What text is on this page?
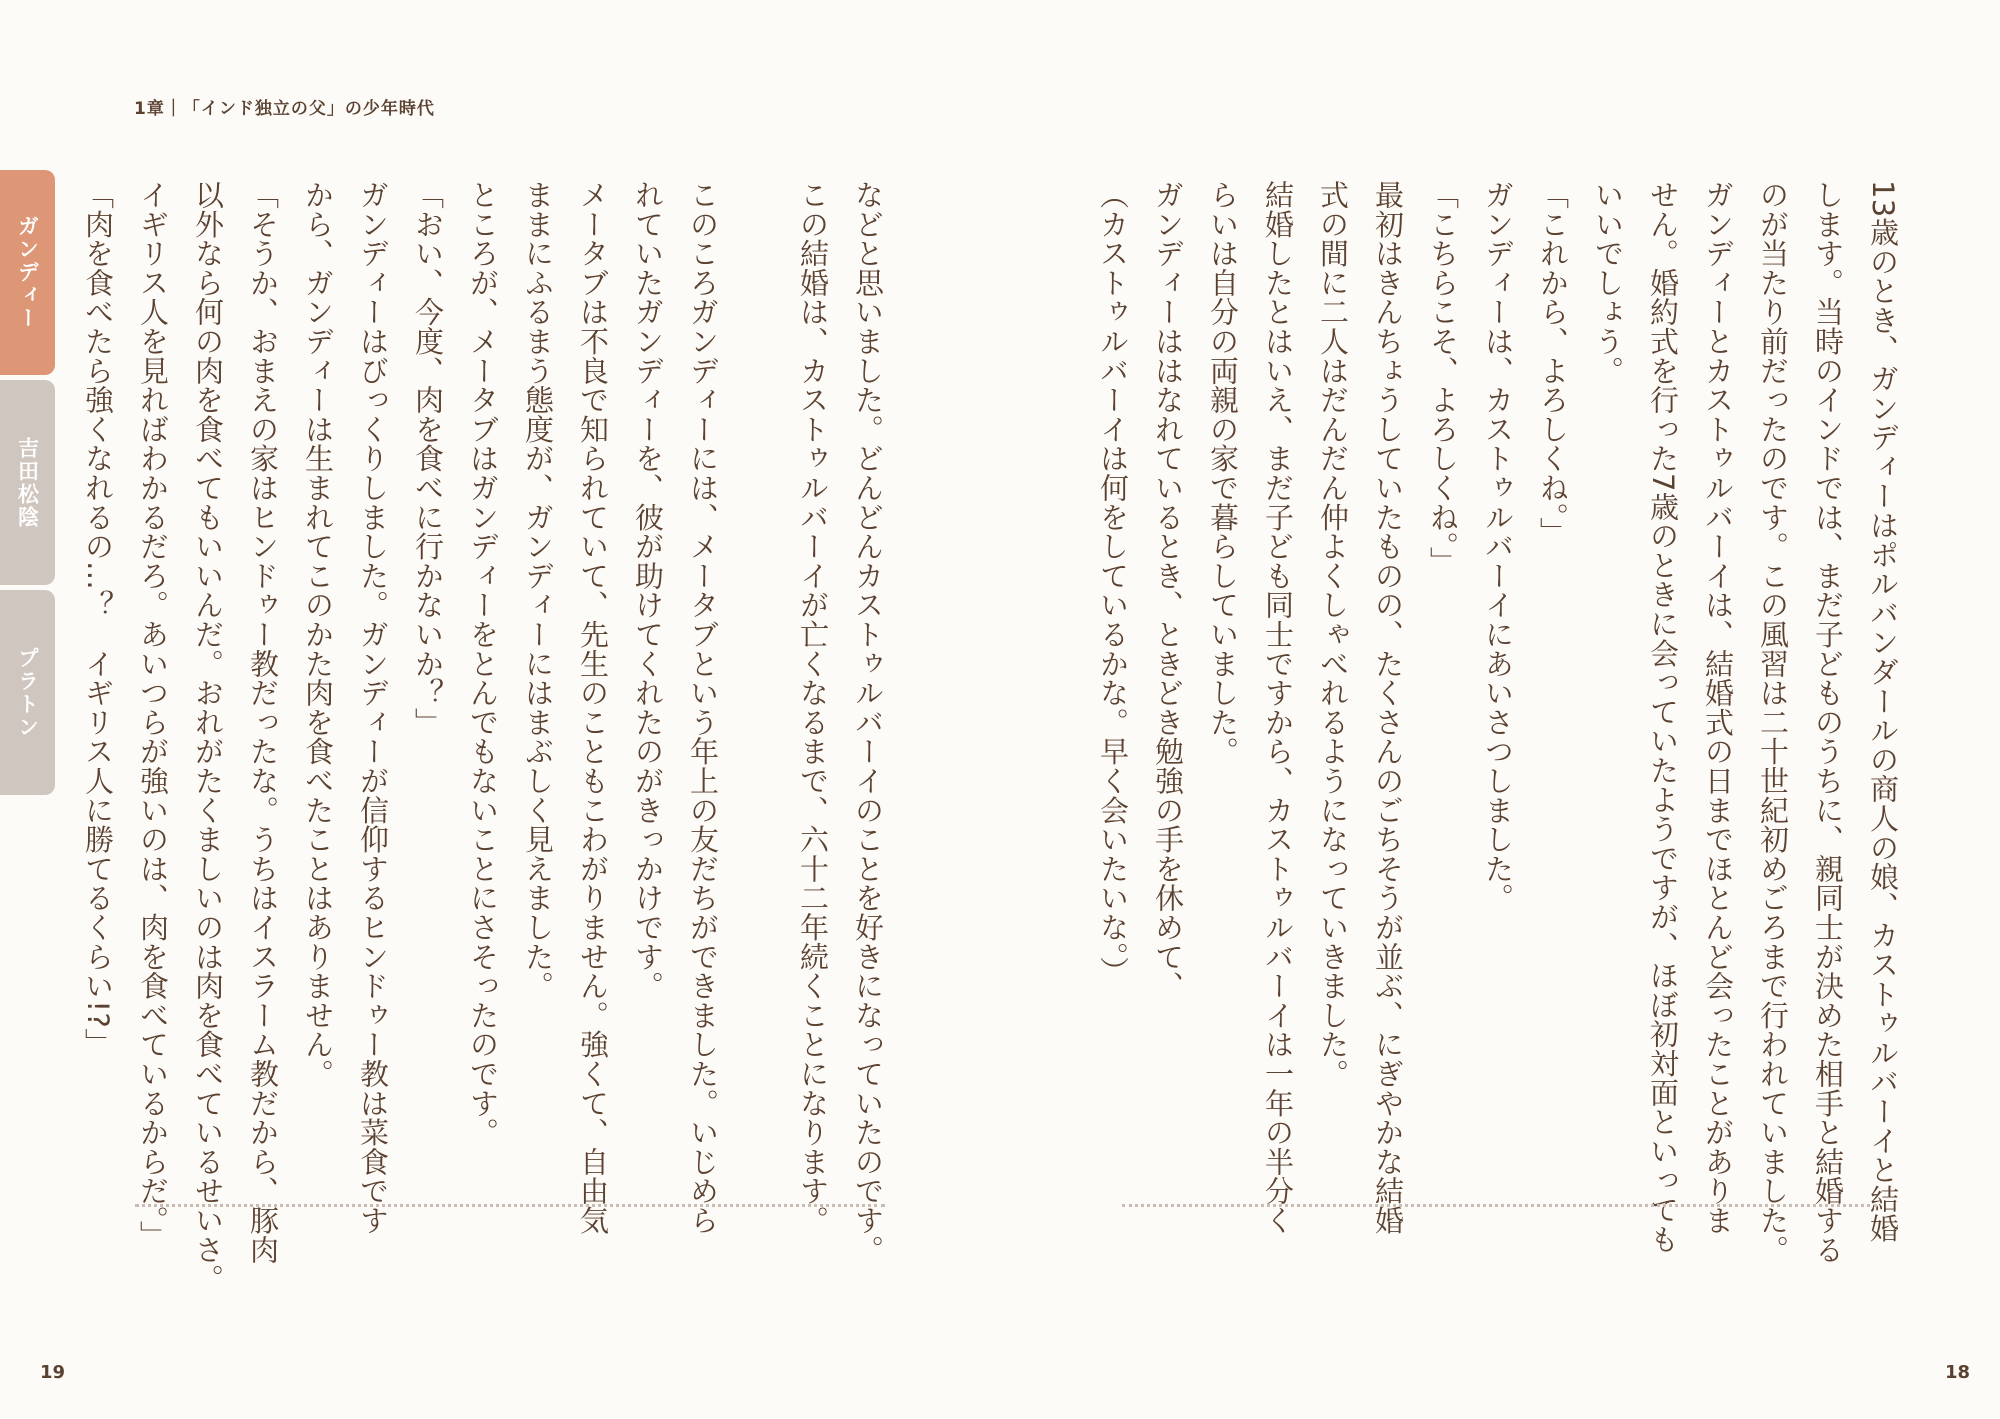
1章｜「インド独立の父」の少年時代
ガンディー
吉田松陰
プラトン	13歳のとき、ガンディーはポルバンダールの商人の娘、カストゥルバーイと結婚
します。当時のインドでは、まだ子どものうちに、親同士が決めた相手と結婚する
のが当たり前だったのです。この風習は二十世紀初めごろまで行われていました。
ガンディーとカストゥルバーイは、結婚式の日までほとんど会ったことがありま
せん。婚約式を行った7歳のときに会っていたようですが、ほぼ初対面といっても
いいでしょう。
「これから、よろしくね。」
ガンディーは、カストゥルバーイにあいさつしました。
「こちらこそ、よろしくね。」
最初はきんちょうしていたものの、たくさんのごちそうが並ぶ、にぎやかな結婚
式の間に二人はだんだん仲よくしゃべれるようになっていきました。
結婚したとはいえ、まだ子ども同士ですから、カストゥルバーイは一年の半分く
らいは自分の両親の家で暮らしていました。
ガンディーははなれているとき、ときどき勉強の手を休めて、
（カストゥルバーイは何をしているかな。早く会いたいな。）
などと思いました。どんどんカストゥルバーイのことを好きになっていたのです。
この結婚は、カストゥルバーイが亡くなるまで、六十二年続くことになります。

このころガンディーには、メータブという年上の友だちができました。いじめら
れていたガンディーを、彼が助けてくれたのがきっかけです。
メータブは不良で知られていて、先生のこともこわがりません。強くて、自由気
ままにふるまう態度が、ガンディーにはまぶしく見えました。
ところが、メータブはガンディーをとんでもないことにさそったのです。
「おい、今度、肉を食べに行かないか？」
ガンディーはびっくりしました。ガンディーが信仰するヒンドゥー教は菜食です
から、ガンディーは生まれてこのかた肉を食べたことはありません。
「そうか、おまえの家はヒンドゥー教だったな。うちはイスラーム教だから、豚肉
以外なら何の肉を食べてもいいんだ。おれがたくましいのは肉を食べているせいさ。
イギリス人を見ればわかるだろ。あいつらが強いのは、肉を食べているからだ。」
「肉を食べたら強くなれるの…？　イギリス人に勝てるくらい!?」
19	18
